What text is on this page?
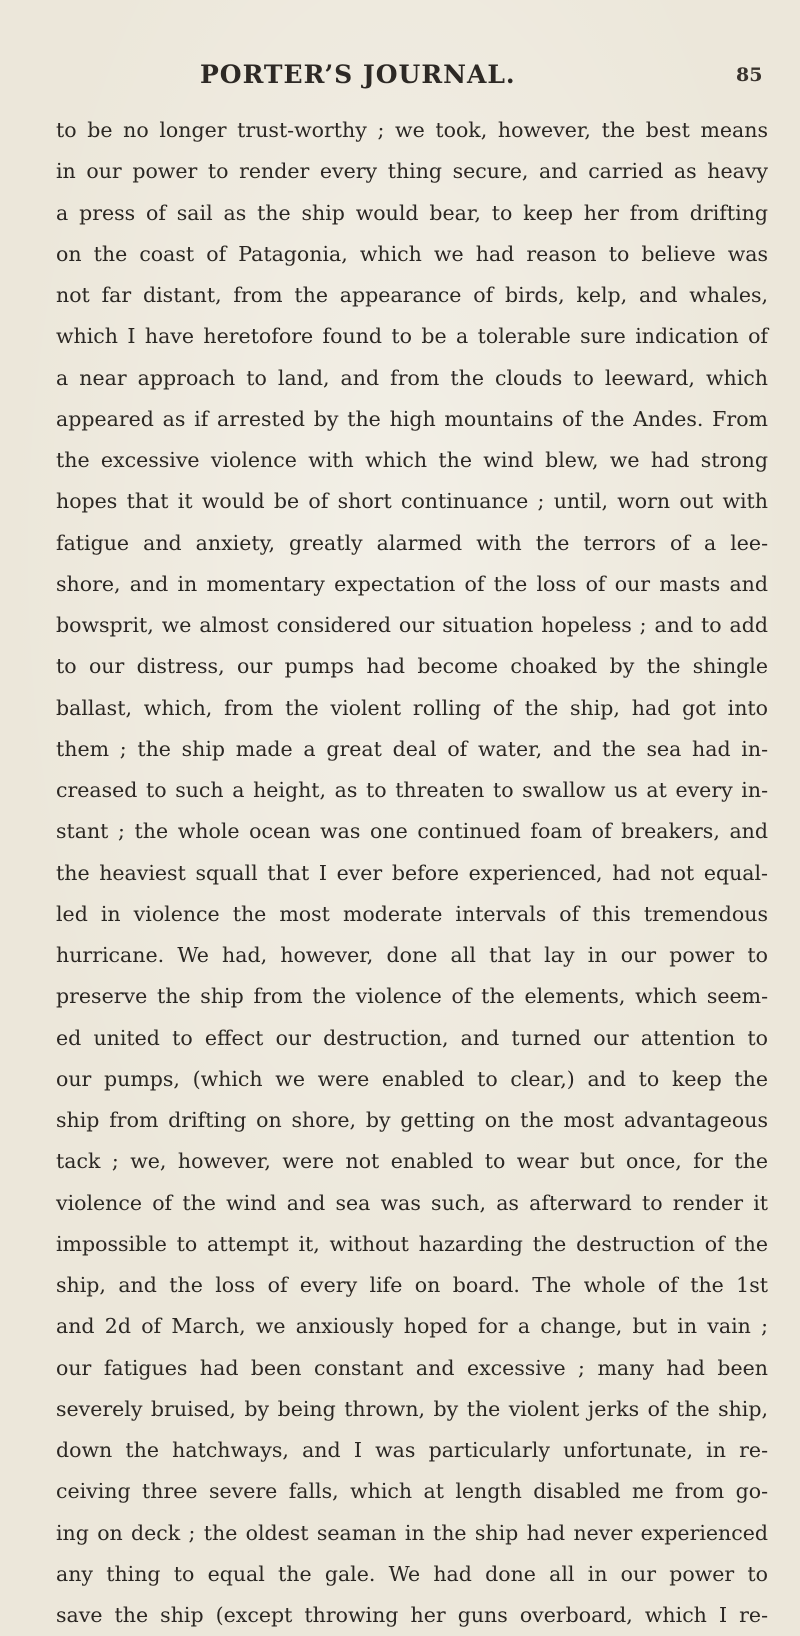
PORTER’S JOURNAL.	85
to be no longer trust-worthy ; we took, however, the best means
in our power to render every thing secure, and carried as heavy
a press of sail as the ship would bear, to keep her from drifting
on the coast of Patagonia, which we had reason to believe was
not far distant, from the appearance of birds, kelp, and whales,
which I have heretofore found to be a tolerable sure indication of
a near approach to land, and from the clouds to leeward, which
appeared as if arrested by the high mountains of the Andes. From
the excessive violence with which the wind blew, we had strong
hopes that it would be of short continuance ; until, worn out with
fatigue and anxiety, greatly alarmed with the terrors of a lee-
shore, and in momentary expectation of the loss of our masts and
bowsprit, we almost considered our situation hopeless ; and to add
to our distress, our pumps had become choaked by the shingle
ballast, which, from the violent rolling of the ship, had got into
them ; the ship made a great deal of water, and the sea had in-
creased to such a height, as to threaten to swallow us at every in-
stant ; the whole ocean was one continued foam of breakers, and
the heaviest squall that I ever before experienced, had not equal-
led in violence the most moderate intervals of this tremendous
hurricane. We had, however, done all that lay in our power to
preserve the ship from the violence of the elements, which seem-
ed united to effect our destruction, and turned our attention to
our pumps, (which we were enabled to clear,) and to keep the
ship from drifting on shore, by getting on the most advantageous
tack ; we, however, were not enabled to wear but once, for the
violence of the wind and sea was such, as afterward to render it
impossible to attempt it, without hazarding the destruction of the
ship, and the loss of every life on board. The whole of the 1st
and 2d of March, we anxiously hoped for a change, but in vain ;
our fatigues had been constant and excessive ; many had been
severely bruised, by being thrown, by the violent jerks of the ship,
down the hatchways, and I was particularly unfortunate, in re-
ceiving three severe falls, which at length disabled me from go-
ing on deck ; the oldest seaman in the ship had never experienced
any thing to equal the gale. We had done all in our power to
save the ship (except throwing her guns overboard, which I re-
